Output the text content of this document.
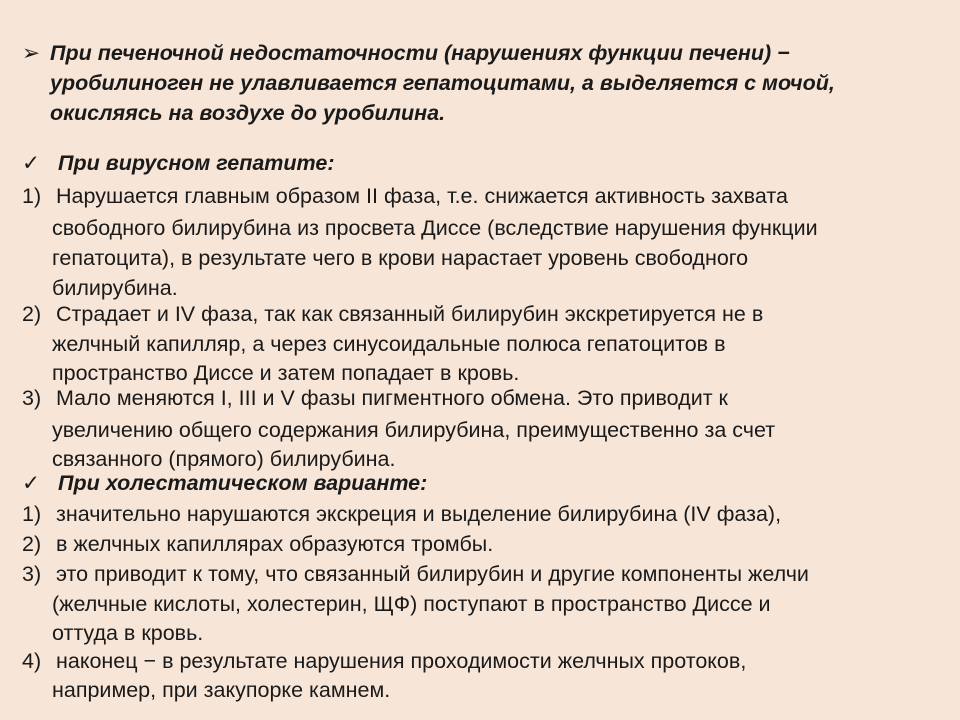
➢ При печеночной недостаточности (нарушениях функции печени) −
уробилиноген не улавливается гепатоцитами, а выделяется с мочой,
окисляясь на воздухе до уробилина.
✓ При вирусном гепатите:
1) Нарушается главным образом II фаза, т.е. снижается активность захвата
свободного билирубина из просвета Диссе (вследствие нарушения функции
гепатоцита), в результате чего в крови нарастает уровень свободного
билирубина.
2) Страдает и IV фаза, так как связанный билирубин экскретируется не в
желчный капилляр, а через синусоидальные полюса гепатоцитов в
пространство Диссе и затем попадает в кровь.
3) Мало меняются I, III и V фазы пигментного обмена. Это приводит к
увеличению общего содержания билирубина, преимущественно за счет
связанного (прямого) билирубина.
✓ При холестатическом варианте:
1) значительно нарушаются экскреция и выделение билирубина (IV фаза),
2) в желчных капиллярах образуются тромбы.
3) это приводит к тому, что связанный билирубин и другие компоненты желчи
(желчные кислоты, холестерин, ЩФ) поступают в пространство Диссе и
оттуда в кровь.
4) наконец − в результате нарушения проходимости желчных протоков,
например, при закупорке камнем.
